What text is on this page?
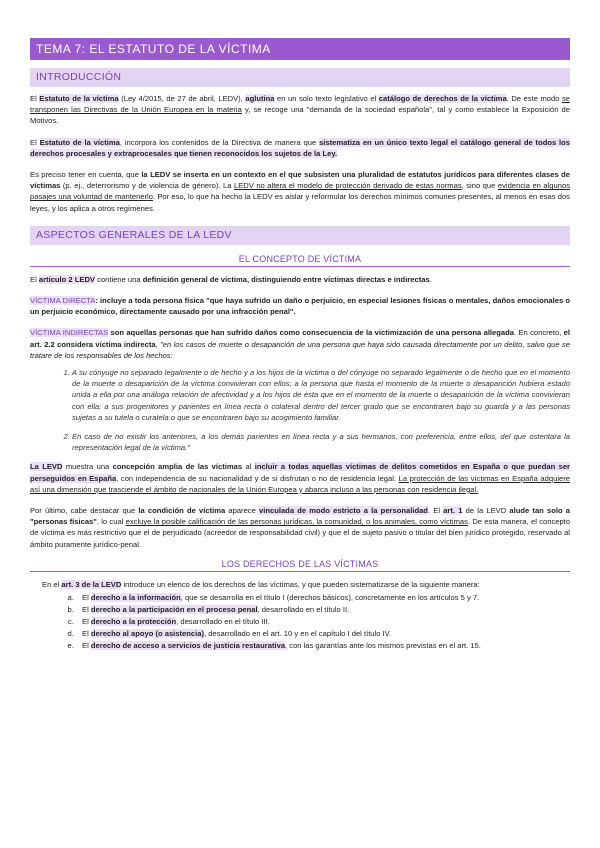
TEMA 7: EL ESTATUTO DE LA VÍCTIMA
INTRODUCCIÓN

El Estatuto de la víctima (Ley 4/2015, de 27 de abril, LEDV), aglutina en un solo texto legislativo el catálogo de derechos de la víctima. De este modo se transponen las Directivas de la Unión Europea en la materia y, se recoge una "demanda de la sociedad española", tal y como establece la Exposición de Motivos.

El Estatuto de la víctima, incorpora los contenidos de la Directiva de manera que sistematiza en un único texto legal el catálogo general de todos los derechos procesales y extraprocesales que tienen reconocidos los sujetos de la Ley.

Es preciso tener en cuenta, que la LEDV se inserta en un contexto en el que subsisten una pluralidad de estatutos jurídicos para diferentes clases de víctimas (p. ej., deterrorismo y de violencia de género). La LEDV no altera el modelo de protección derivado de estas normas, sino que evidencia en algunos pasajes una voluntad de mantenerlo. Por eso, lo que ha hecho la LEDV es aislar y reformular los derechos mínimos comunes presentes, al menos en esas dos leyes, y los aplica a otros regímenes.

ASPECTOS GENERALES DE LA LEDV
EL CONCEPTO DE VÍCTIMA

El artículo 2 LEDV contiene una definición general de víctima, distinguiendo entre víctimas directas e indirectas.

VÍCTIMA DIRECTA: incluye a toda persona física "que haya sufrido un daño o perjuicio, en especial lesiones físicas o mentales, daños emocionales o un perjuicio económico, directamente causado por una infracción penal".

VÍCTIMA INDIRECTAS son aquellas personas que han sufrido daños como consecuencia de la victimización de una persona allegada. En concreto, el art. 2.2 considera víctima indirecta, "en los casos de muerte o desaparición de una persona que haya sido causada directamente por un delito, salvo que se tratare de los responsables de los hechos:

1. A su cónyuge no separado legalmente o de hecho y a los hijos de la víctima o del cónyuge no separado legalmente o de hecho que en el momento de la muerte o desaparición de la víctima convivieran con ellos; a la persona que hasta el momento de la muerte o desaparición hubiera estado unida a ella por una análoga relación de afectividad y a los hijos de ésta que en el momento de la muerte o desaparición de la víctima convivieran con ella; a sus progenitores y parientes en línea recta o colateral dentro del tercer grado que se encontraren bajo su guarda y a las personas sujetas a su tutela o curatela o que se encontraren bajo su acogimiento familiar.
2. En caso de no existir los anteriores, a los demás parientes en línea recta y a sus hermanos, con preferencia, entre ellos, del que ostentara la representación legal de la víctima."

La LEVD muestra una concepción amplia de las víctimas al incluir a todas aquellas víctimas de delitos cometidos en España o que puedan ser perseguidos en España, con independencia de su nacionalidad y de si disfrutan o no de residencia legal. La protección de las víctimas en España adquiere así una dimensión que trasciende el ámbito de nacionales de la Unión Europea y abarca incluso a las personas con residencia ilegal.

Por último, cabe destacar que la condición de víctima aparece vinculada de modo estricto a la personalidad. El art. 1 de la LEVD alude tan solo a "personas físicas", lo cual excluye la posible calificación de las personas jurídicas, la comunidad, o los animales, como víctimas. De esta manera, el concepto de víctima es más restrictivo que el de perjudicado (acreedor de responsabilidad civil) y que el de sujeto pasivo o titular del bien jurídico protegido, reservado al ámbito puramente jurídico-penal.

LOS DERECHOS DE LAS VÍCTIMAS

En el art. 3 de la LEVD introduce un elenco de los derechos de las víctimas, y que pueden sistematizarse de la siguiente manera:

a. El derecho a la información, que se desarrolla en el título I (derechos básicos), concretamente en los artículos 5 y 7.
b. El derecho a la participación en el proceso penal, desarrollado en el título II.
c. El derecho a la protección, desarrollado en el título III.
d. El derecho al apoyo (o asistencia), desarrollado en el art. 10 y en el capítulo I del título IV.
e. El derecho de acceso a servicios de justicia restaurativa, con las garantías ante los mismos previstas en el art. 15.
